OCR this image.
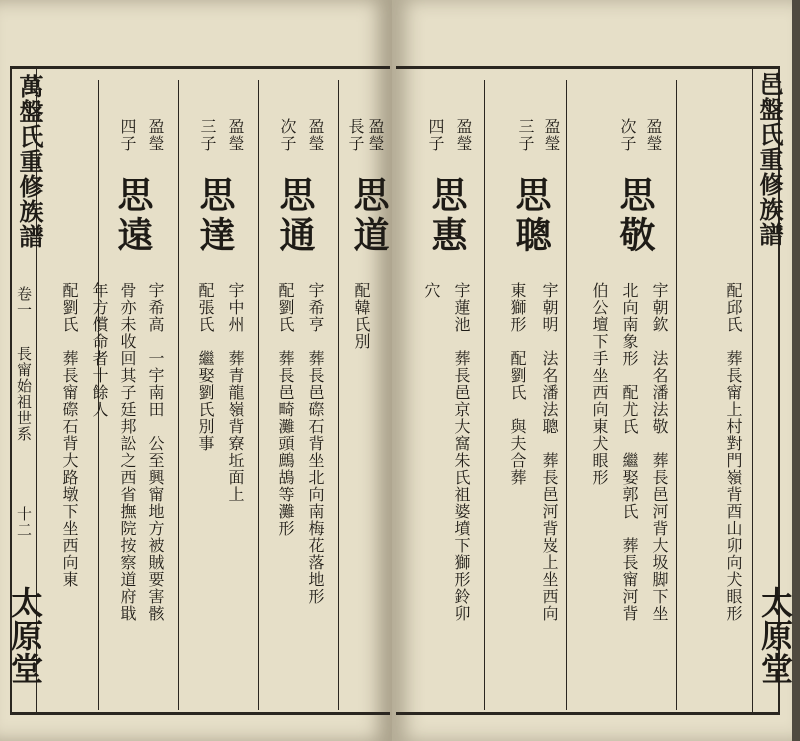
萬盤氏重修族譜
卷一
長甯始祖世系
十二
太原堂
邑盤氏重修族譜
太原堂
配邱氏　葬長甯上村對門嶺背酉山卯向犬眼形
盈瑩
次子
思敬
宇朝欽　法名潘法敬　葬長邑河背大圾脚下坐
北向南象形　配尤氏　繼娶郭氏　葬長甯河背
伯公壇下手坐西向東犬眼形
盈瑩
三子
思聰
宇朝明　法名潘法聰　葬長邑河背岌上坐西向
東獅形　配劉氏　與夫合葬
盈瑩
四子
思惠
宇蓮池　葬長邑京大窩朱氏祖婆墳下獅形鈴卯
穴
盈瑩
長子
思道
配韓氏別
盈瑩
次子
思通
宇希亨　葬長邑磜石背坐北向南梅花落地形
配劉氏　葬長邑畸灘頭鷓鴣等灘形
盈瑩
三子
思達
宇中州　葬青龍嶺背寮坵面上
配張氏　繼娶劉氏別事
盈瑩
四子
思遠
宇希高　一宇南田　公至興甯地方被賊要害骸
骨亦未收回其子廷邦訟之西省撫院按察道府戢
年方償命者十餘人
配劉氏　葬長甯磜石背大路墩下坐西向東
